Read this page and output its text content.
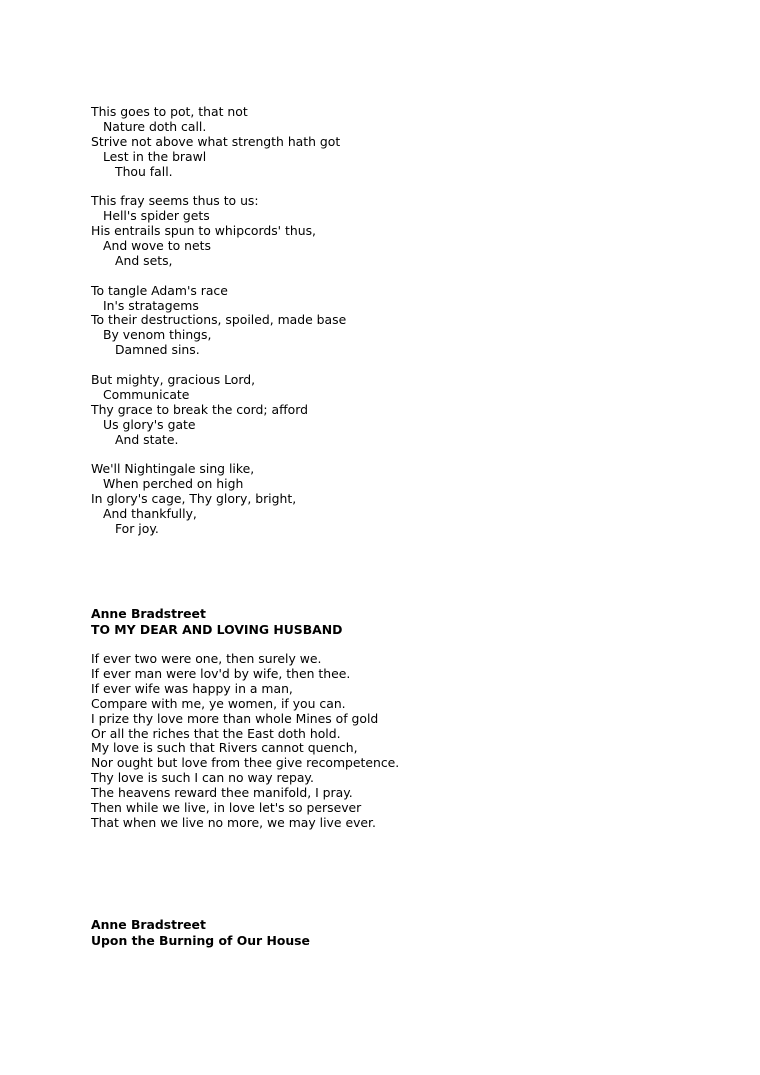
This goes to pot, that not
Nature doth call.
Strive not above what strength hath got
Lest in the brawl
Thou fall.
This fray seems thus to us:
Hell's spider gets
His entrails spun to whipcords' thus,
And wove to nets
And sets,
To tangle Adam's race
In's stratagems
To their destructions, spoiled, made base
By venom things,
Damned sins.
But mighty, gracious Lord,
Communicate
Thy grace to break the cord; afford
Us glory's gate
And state.
We'll Nightingale sing like,
When perched on high
In glory's cage, Thy glory, bright,
And thankfully,
For joy.
Anne Bradstreet
TO MY DEAR AND LOVING HUSBAND
If ever two were one, then surely we.
If ever man were lov'd by wife, then thee.
If ever wife was happy in a man,
Compare with me, ye women, if you can.
I prize thy love more than whole Mines of gold
Or all the riches that the East doth hold.
My love is such that Rivers cannot quench,
Nor ought but love from thee give recompetence.
Thy love is such I can no way repay.
The heavens reward thee manifold, I pray.
Then while we live, in love let's so persever
That when we live no more, we may live ever.
Anne Bradstreet
Upon the Burning of Our House
